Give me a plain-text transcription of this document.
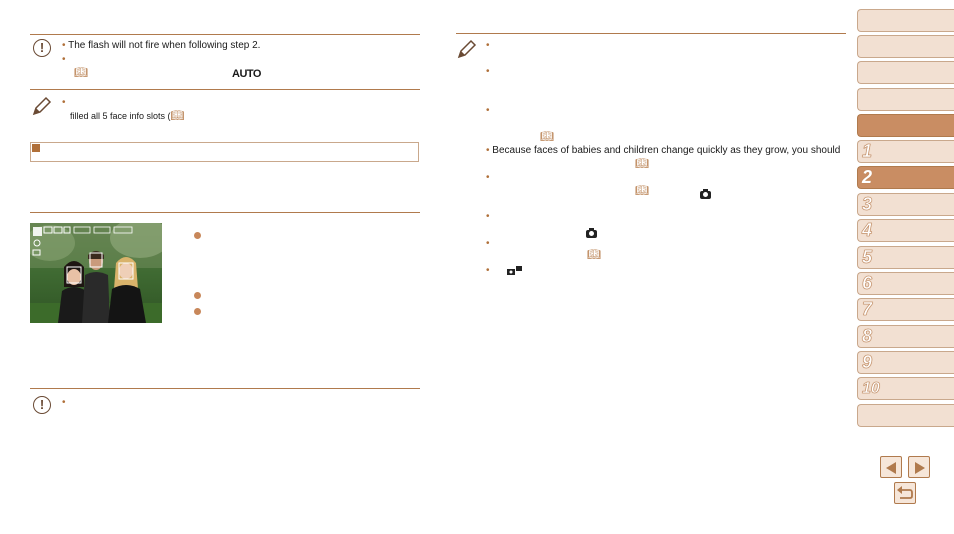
!	• The flash will not fire when following step 2.
•
📖︎	AUTO
•
filled all 5 face info slots (📖︎
!	•
•
•
•
📖︎
• Because faces of babies and children change quickly as they grow, you should
📖︎
•
📖︎

•
•
📖︎
•
1
2
3
4
5
6
7
8
9
10
